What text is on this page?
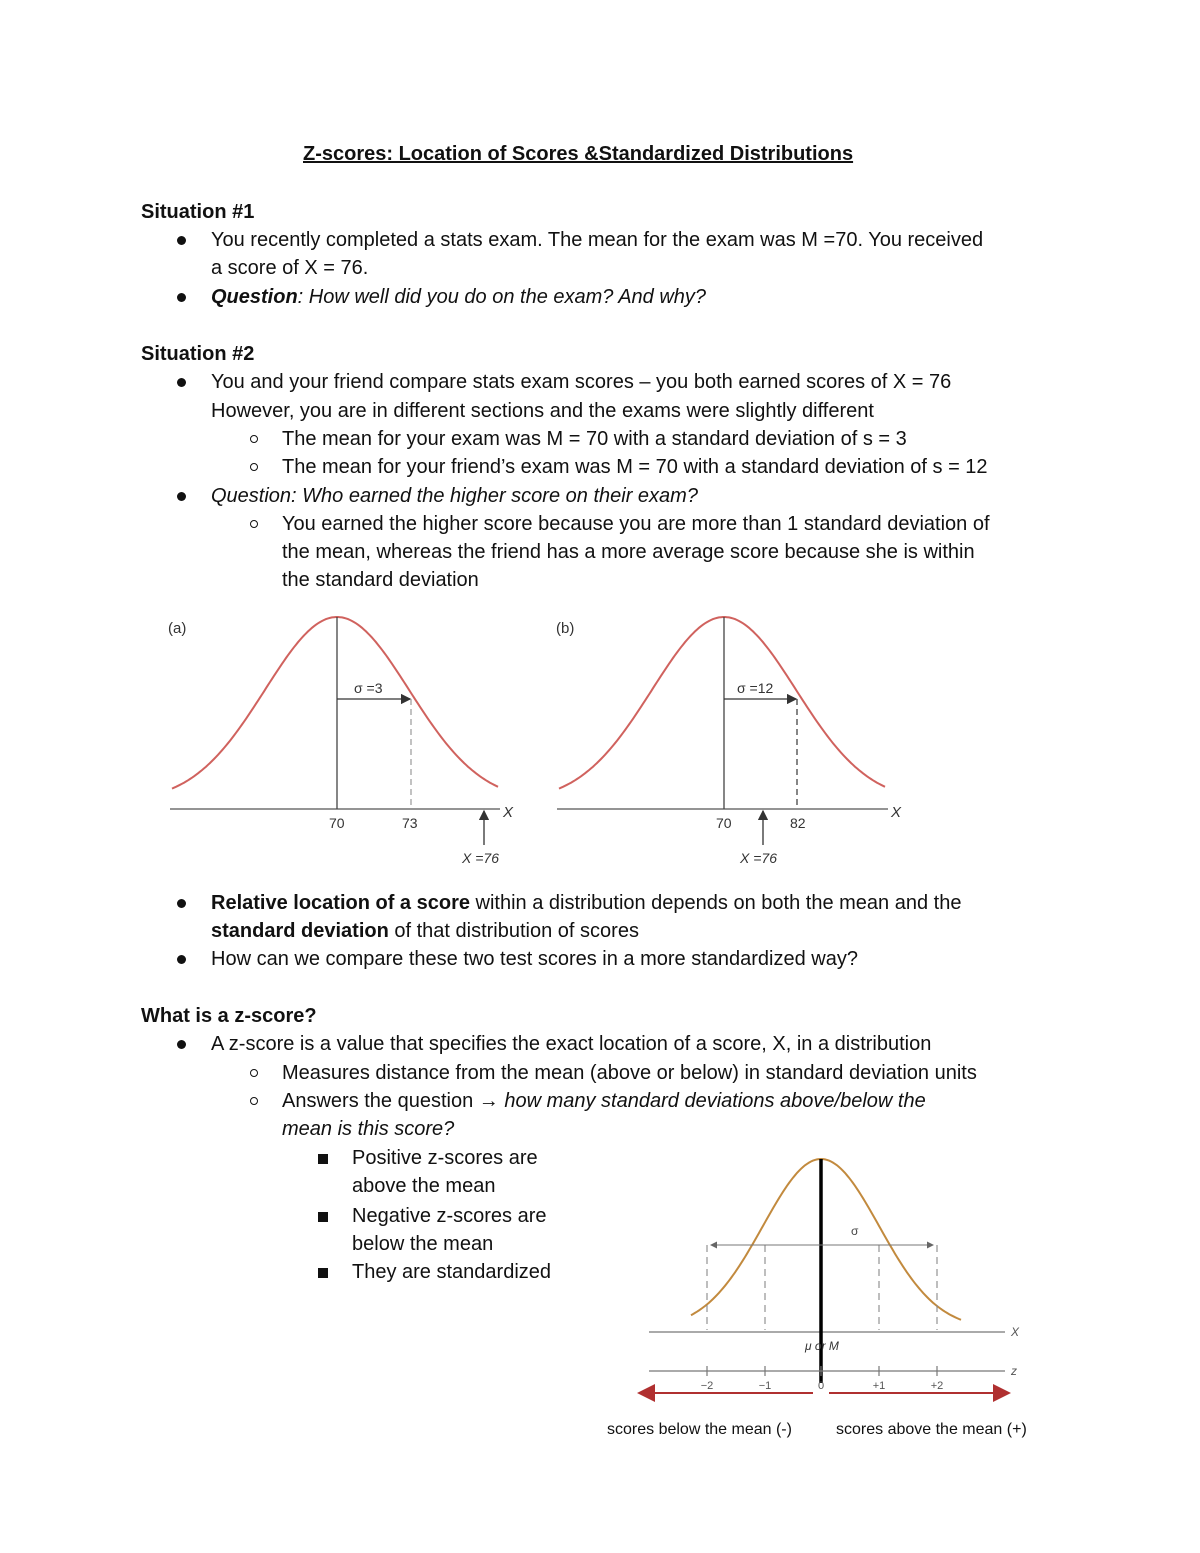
Z-scores: Location of Scores &Standardized Distributions
Situation #1
You recently completed a stats exam. The mean for the exam was M =70. You received
a score of X = 76.
Question: How well did you do on the exam? And why?
Situation #2
You and your friend compare stats exam scores – you both earned scores of X = 76
However, you are in different sections and the exams were slightly different
The mean for your exam was M = 70 with a standard deviation of s = 3
The mean for your friend’s exam was M = 70 with a standard deviation of s = 12
Question: Who earned the higher score on their exam?
You earned the higher score because you are more than 1 standard deviation of
the mean, whereas the friend has a more average score because she is within
the standard deviation
(a)
σ =3
X
70	73
X =76
(b)
σ =12
X
70	82
X =76
Relative location of a score within a distribution depends on both the mean and the
standard deviation of that distribution of scores
How can we compare these two test scores in a more standardized way?
What is a z-score?
A z-score is a value that specifies the exact location of a score, X, in a distribution
Measures distance from the mean (above or below) in standard deviation units
Answers the question → how many standard deviations above/below the
mean is this score?
Positive z-scores are
above the mean
Negative z-scores are
below the mean
They are standardized
X
σ
μ or M
z
−2	−1	0	+1	+2
scores below the mean (-)	scores above the mean (+)
